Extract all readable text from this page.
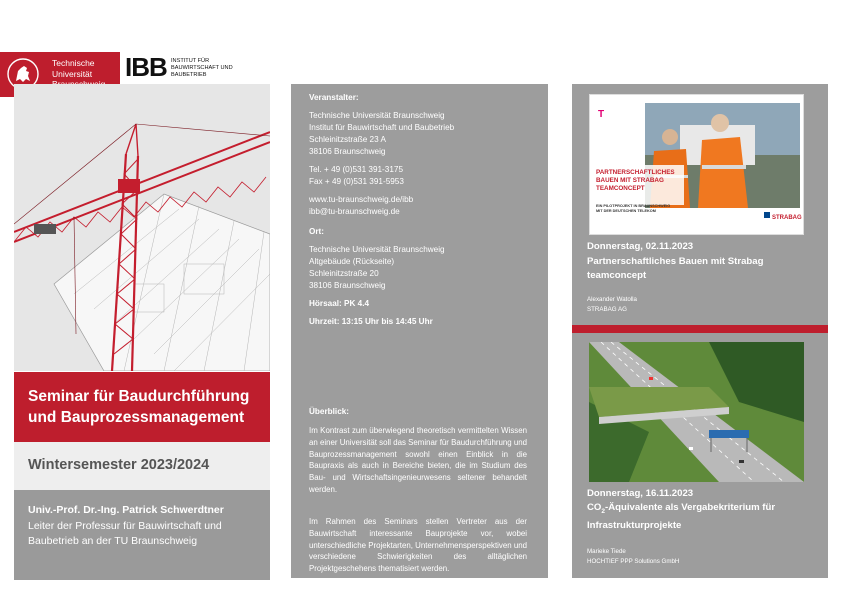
Technische
Universität	IBB INSTITUT FÜR
BAUWIRTSCHAFT UND
BAUBETRIEB
Seminar für Baudurchführung
und Bauprozessmanagement
Wintersemester 2023/2024
Univ.-Prof. Dr.-Ing. Patrick Schwerdtner
Leiter der Professur für Bauwirtschaft und
Baubetrieb an der TU Braunschweig
Veranstalter:
Technische Universität Braunschweig
Institut für Bauwirtschaft und Baubetrieb
Schleinitzstraße 23 A
38106 Braunschweig
Tel. + 49 (0)531 391-3175
Fax + 49 (0)531 391-5953
www.tu-braunschweig.de/ibb
ibb@tu-braunschweig.de
Ort:
Technische Universität Braunschweig
Altgebäude (Rückseite)
Schleinitzstraße 20
38106 Braunschweig
Hörsaal: PK 4.4
Uhrzeit: 13:15 Uhr bis 14:45 Uhr
Überblick:
Im Kontrast zum überwiegend theoretisch vermittelten Wissen an einer Universität soll das Seminar für Baudurchführung und Bauprozessmanagement sowohl einen Einblick in die Baupraxis als auch in Bereiche bieten, die im Studium des Bau- und Wirtschaftsingenieurwesens seltener behandelt werden.
Im Rahmen des Seminars stellen Vertreter aus der Bauwirtschaft interessante Bauprojekte vor, wobei unterschiedliche Projektarten, Unternehmensperspektiven und verschiedene Schwierigkeiten des alltäglichen Projektgeschehens thematisiert werden.
T
PARTNERSCHAFTLICHES
BAUEN MIT STRABAG
TEAMCONCEPT
EIN PILOTPROJEKT IN BRAUNSCHWEIG
MIT DER DEUTSCHEN TELEKOM
STRABAG
Donnerstag, 02.11.2023
Partnerschaftliches Bauen mit Strabag
teamconcept
Alexander Watolla
STRABAG AG
Donnerstag, 16.11.2023
$CO_2$-Äquivalente als Vergabekriterium für
Infrastrukturprojekte
Marieke Tiede
HOCHTIEF PPP Solutions GmbH
